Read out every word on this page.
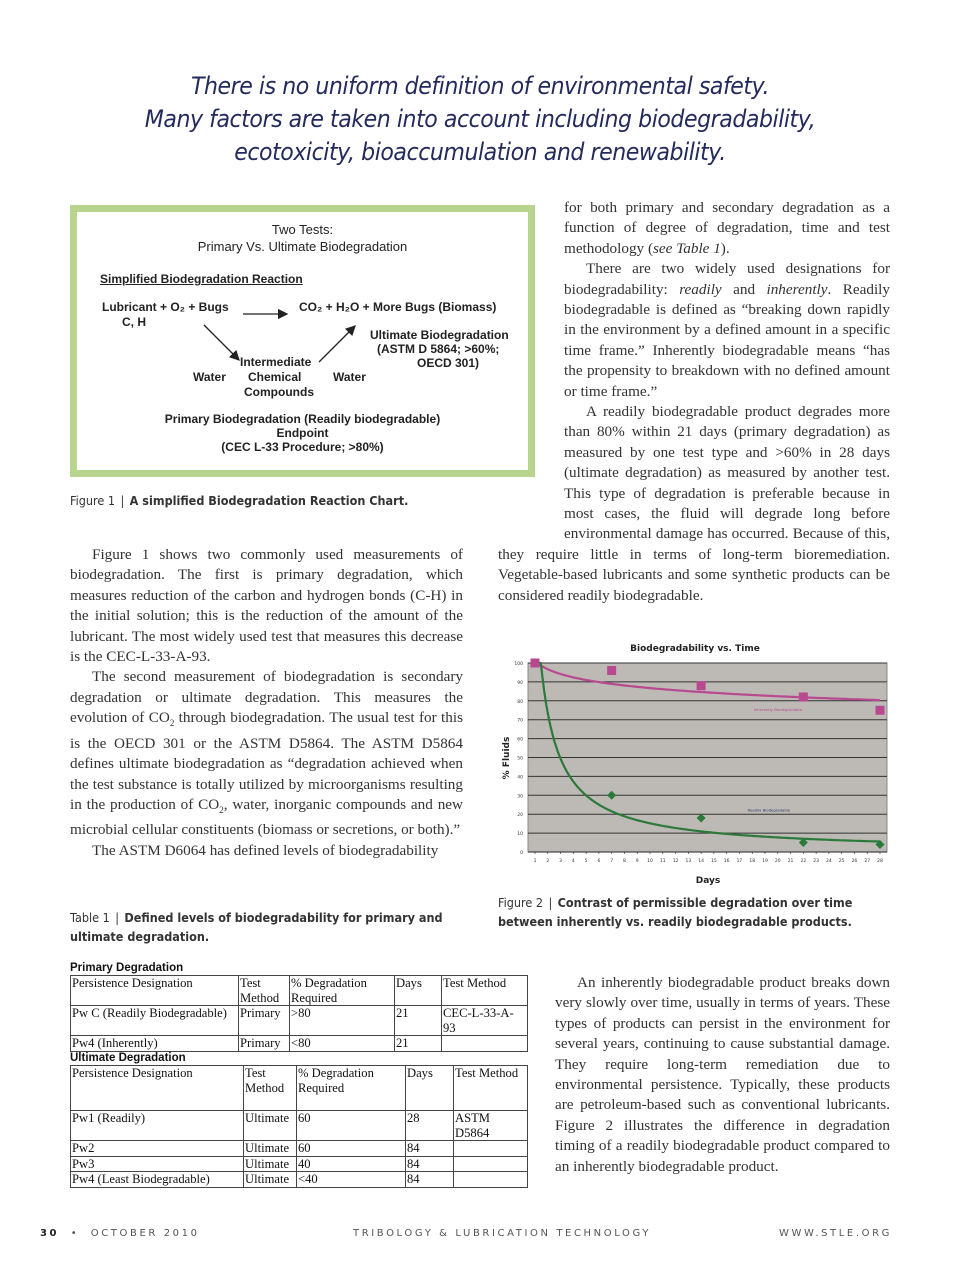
There is no uniform definition of environmental safety.
Many factors are taken into account including biodegradability,
ecotoxicity, bioaccumulation and renewability.
Two Tests:
Primary Vs. Ultimate Biodegradation
Simplified Biodegradation Reaction
Lubricant + O₂ + Bugs
C, H
CO₂ + H₂O + More Bugs (Biomass)
Ultimate Biodegradation
(ASTM D 5864; >60%;
OECD 301)
Intermediate
Chemical
Compounds
Water	Water
Primary Biodegradation (Readily biodegradable)
Endpoint
(CEC L-33 Procedure; >80%)
Figure 1 | A simplified Biodegradation Reaction Chart.

for both primary and secondary degradation as a function of degree of degradation, time and test methodology (see Table 1).

There are two widely used designations for biodegradability: readily and inherently. Readily biodegradable is defined as “breaking down rapidly in the environment by a defined amount in a specific time frame.” Inherently biodegradable means “has the propensity to breakdown with no defined amount or time frame.”

A readily biodegradable product degrades more than 80% within 21 days (primary degradation) as measured by one test type and >60% in 28 days (ultimate degradation) as measured by another test. This type of degradation is preferable because in most cases, the fluid will degrade long before environmental damage has occurred. Because of this, they require little in terms of long-term bioremediation. Vegetable-based lubricants and some synthetic products can be considered readily biodegradable.

Figure 1 shows two commonly used measurements of biodegradation. The first is primary degradation, which measures reduction of the carbon and hydrogen bonds (C-H) in the initial solution; this is the reduction of the amount of the lubricant. The most widely used test that measures this decrease is the CEC-L-33-A-93.

The second measurement of biodegradation is secondary degradation or ultimate degradation. This measures the evolution of $CO_2$ through biodegradation. The usual test for this is the OECD 301 or the ASTM D5864. The ASTM D5864 defines ultimate biodegradation as “degradation achieved when the test substance is totally utilized by microorganisms resulting in the production of $CO_2$, water, inorganic compounds and new microbial cellular constituents (biomass or secretions, or both).”

The ASTM D6064 has defined levels of biodegradability

Biodegradability vs. Time
0
10
20
30
40
50
60
70
80
90
100
1 2 3 4 5 6 7 8 9 10 11 12 13 14 15 16 17 18 19 20 21 22 23 24 25 26 27 28
Days
% Fluids
Inherently Biodegradable
Readily Biodegradable
Figure 2 | Contrast of permissible degradation over time between inherently vs. readily biodegradable products.
Table 1 | Defined levels of biodegradability for primary and ultimate degradation.
Primary Degradation
Persistence Designation	Test Method	% Degradation Required	Days	Test Method
Pw C (Readily Biodegradable)	Primary	>80	21	CEC-L-33-A-93
Pw4 (Inherently)	Primary	<80	21	
Ultimate Degradation
Persistence Designation	Test Method	% Degradation Required	Days	Test Method
Pw1 (Readily)	Ultimate	60	28	ASTM D5864
Pw2	Ultimate	60	84	
Pw3	Ultimate	40	84	
Pw4 (Least Biodegradable)	Ultimate	<40	84	

An inherently biodegradable product breaks down very slowly over time, usually in terms of years. These types of products can persist in the environment for several years, continuing to cause substantial damage. They require long-term remediation due to environmental persistence. Typically, these products are petroleum-based such as conventional lubricants. Figure 2 illustrates the difference in degradation timing of a readily biodegradable product compared to an inherently biodegradable product.

30 • OCTOBER 2010	TRIBOLOGY & LUBRICATION TECHNOLOGY	WWW.STLE.ORG
